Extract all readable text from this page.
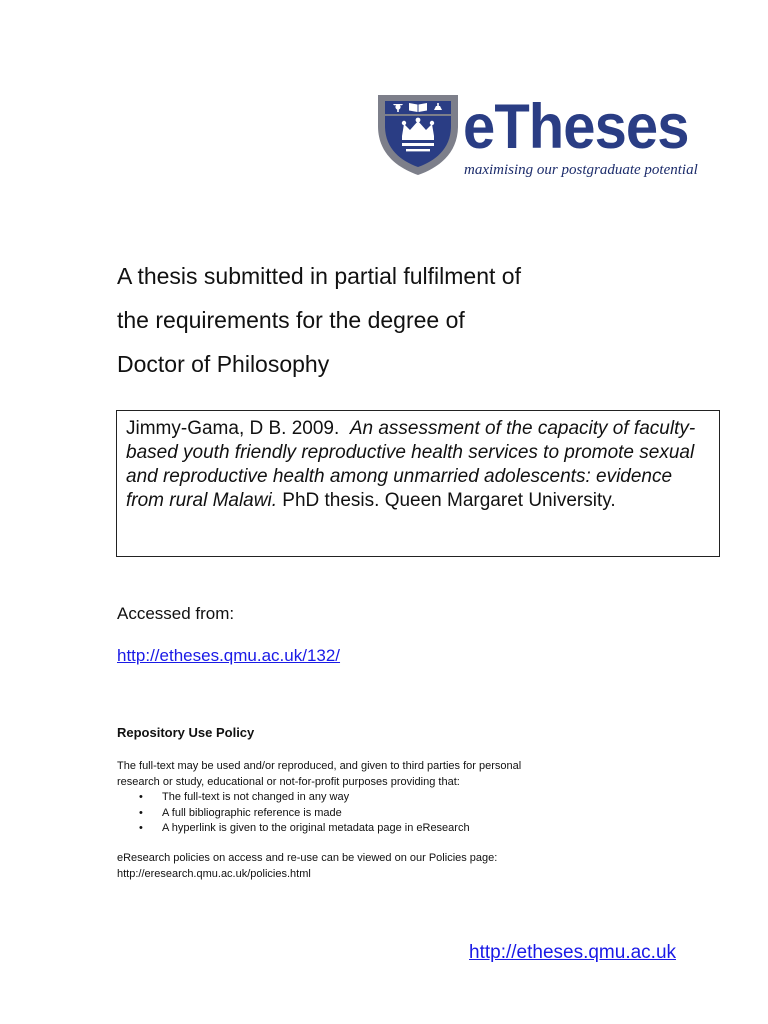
eTheses
maximising our postgraduate potential
A thesis submitted in partial fulfilment of
the requirements for the degree of
Doctor of Philosophy
Jimmy-Gama, D B. 2009. An assessment of the capacity of faculty-based youth friendly reproductive health services to promote sexual and reproductive health among unmarried adolescents: evidence from rural Malawi. PhD thesis. Queen Margaret University.
Accessed from:
http://etheses.qmu.ac.uk/132/
Repository Use Policy

The full-text may be used and/or reproduced, and given to third parties for personal
research or study, educational or not-for-profit purposes providing that:

• The full-text is not changed in any way
• A full bibliographic reference is made
• A hyperlink is given to the original metadata page in eResearch

eResearch policies on access and re-use can be viewed on our Policies page:
http://eresearch.qmu.ac.uk/policies.html

http://etheses.qmu.ac.uk
